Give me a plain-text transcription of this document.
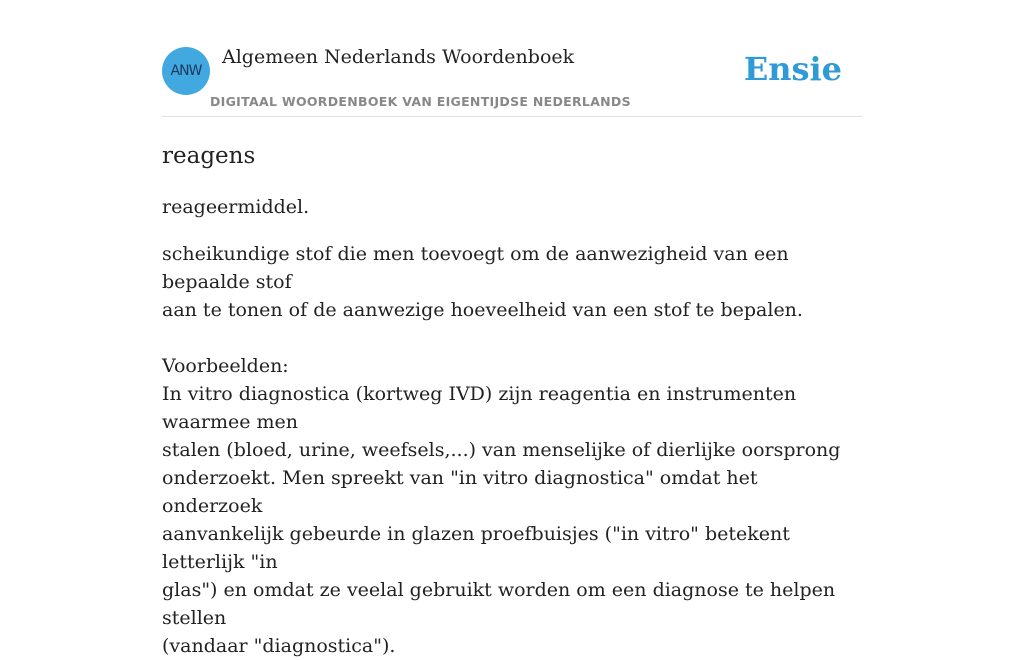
ANW
Algemeen Nederlands Woordenboek
DIGITAAL WOORDENBOEK VAN EIGENTIJDSE NEDERLANDS
Ensie
reagens

reageermiddel.

scheikundige stof die men toevoegt om de aanwezigheid van een bepaalde stof
aan te tonen of de aanwezige hoeveelheid van een stof te bepalen.
Voorbeelden:
In vitro diagnostica (kortweg IVD) zijn reagentia en instrumenten waarmee men
stalen (bloed, urine, weefsels,...) van menselijke of dierlijke oorsprong
onderzoekt. Men spreekt van "in vitro diagnostica" omdat het onderzoek
aanvankelijk gebeurde in glazen proefbuisjes ("in vitro" betekent letterlijk "in
glas") en omdat ze veelal gebruikt worden om een diagnose te helpen stellen
(vandaar "diagnostica").
